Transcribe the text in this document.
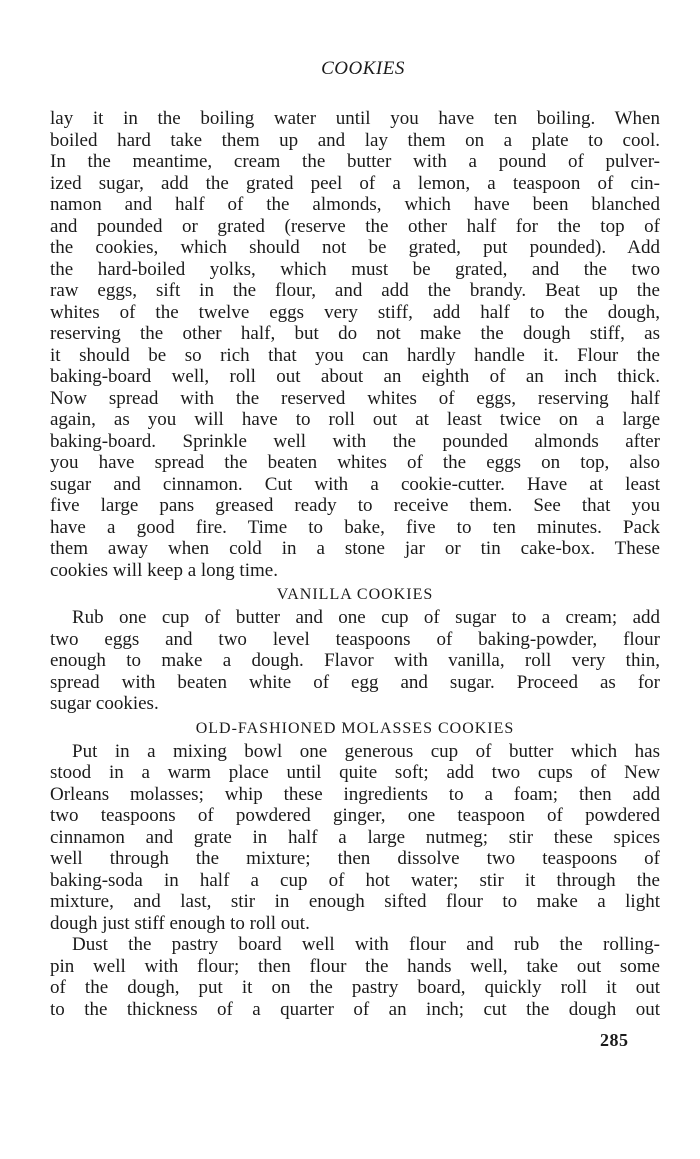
COOKIES
lay it in the boiling water until you have ten boiling. When
boiled hard take them up and lay them on a plate to cool.
In the meantime, cream the butter with a pound of pulver-
ized sugar, add the grated peel of a lemon, a teaspoon of cin-
namon and half of the almonds, which have been blanched
and pounded or grated (reserve the other half for the top of
the cookies, which should not be grated, put pounded). Add
the hard-boiled yolks, which must be grated, and the two
raw eggs, sift in the flour, and add the brandy. Beat up the
whites of the twelve eggs very stiff, add half to the dough,
reserving the other half, but do not make the dough stiff, as
it should be so rich that you can hardly handle it. Flour the
baking-board well, roll out about an eighth of an inch thick.
Now spread with the reserved whites of eggs, reserving half
again, as you will have to roll out at least twice on a large
baking-board. Sprinkle well with the pounded almonds after
you have spread the beaten whites of the eggs on top, also
sugar and cinnamon. Cut with a cookie-cutter. Have at least
five large pans greased ready to receive them. See that you
have a good fire. Time to bake, five to ten minutes. Pack
them away when cold in a stone jar or tin cake-box. These
cookies will keep a long time.
VANILLA COOKIES
Rub one cup of butter and one cup of sugar to a cream; add
two eggs and two level teaspoons of baking-powder, flour
enough to make a dough. Flavor with vanilla, roll very thin,
spread with beaten white of egg and sugar. Proceed as for
sugar cookies.
OLD-FASHIONED MOLASSES COOKIES
Put in a mixing bowl one generous cup of butter which has
stood in a warm place until quite soft; add two cups of New
Orleans molasses; whip these ingredients to a foam; then add
two teaspoons of powdered ginger, one teaspoon of powdered
cinnamon and grate in half a large nutmeg; stir these spices
well through the mixture; then dissolve two teaspoons of
baking-soda in half a cup of hot water; stir it through the
mixture, and last, stir in enough sifted flour to make a light
dough just stiff enough to roll out.
Dust the pastry board well with flour and rub the rolling-
pin well with flour; then flour the hands well, take out some
of the dough, put it on the pastry board, quickly roll it out
to the thickness of a quarter of an inch; cut the dough out
285
